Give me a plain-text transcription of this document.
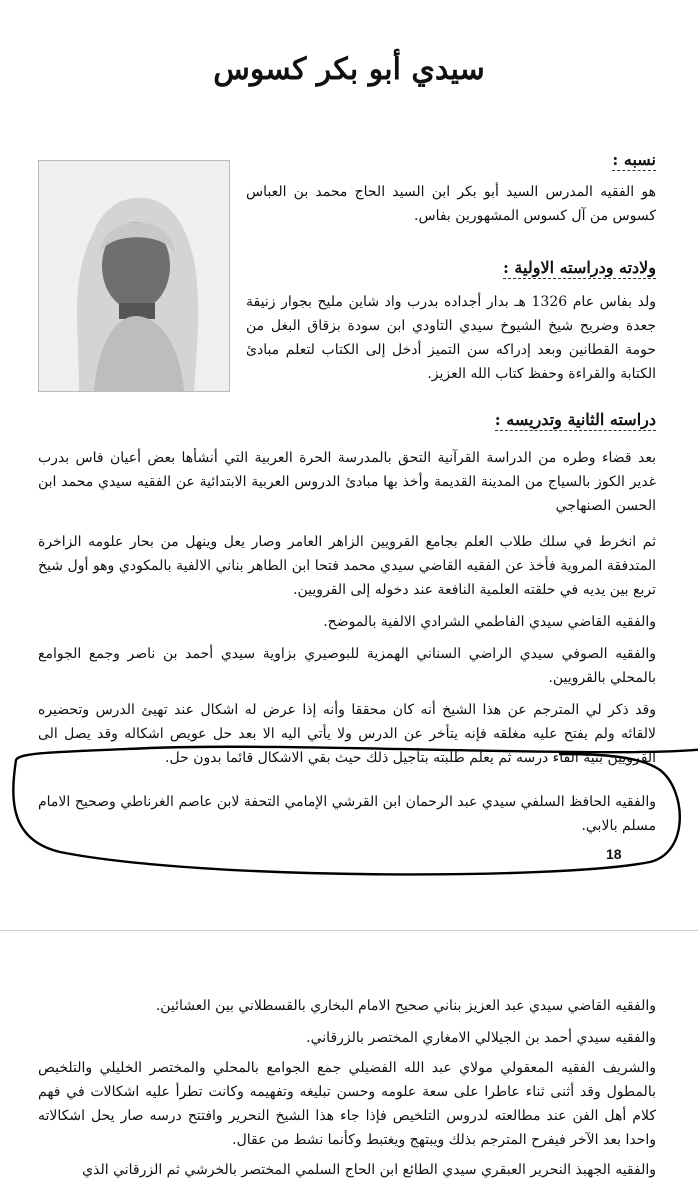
سيدي أبو بكر كسوس
نسبه :
هو الفقيه المدرس السيد أبو بكر ابن السيد الحاج محمد بن العباس كسوس من آل كسوس المشهورين بفاس.
ولادته ودراسته الاولية :
ولد بفاس عام 1326 هـ بدار أجداده بدرب واد شاين مليح بجوار زنيقة جعدة وضريح شيخ الشيوخ سيدي التاودي ابن سودة بزقاق البغل من حومة القطانين وبعد إدراكه سن التميز أدخل إلى الكتاب لتعلم مبادئ الكتابة والقراءة وحفظ كتاب الله العزيز.
دراسته الثانية وتدريسه :
بعد قضاء وطره من الدراسة القرآنية التحق بالمدرسة الحرة العربية التي أنشأها بعض أعيان فاس بدرب غدير الكوز بالسياج من المدينة القديمة وأخذ بها مبادئ الدروس العربية الابتدائية عن الفقيه سيدي محمد ابن الحسن الصنهاجي
ثم انخرط في سلك طلاب العلم بجامع القرويين الزاهر العامر وصار يعل وينهل من بحار علومه الزاخرة المتدفقة المروية فأخذ عن الفقيه القاضي سيدي محمد فتحا ابن الطاهر بناني الالفية بالمكودي وهو أول شيخ تربع بين يديه في حلقته العلمية النافعة عند دخوله إلى القرويين.
والفقيه القاضي سيدي الفاطمي الشرادي الالفية بالموضح.
والفقيه الصوفي سيدي الراضي السناني الهمزية للبوصيري بزاوية سيدي أحمد بن ناصر وجمع الجوامع بالمحلي بالقرويين.
وقد ذكر لي المترجم عن هذا الشيخ أنه كان محققا وأنه إذا عرض له اشكال عند تهيئ الدرس وتحضيره لالقائه ولم يفتح عليه مغلقه فإنه يتأخر عن الدرس ولا يأتي اليه الا بعد حل عويص اشكاله وقد يصل الى القرويين بنية القاء درسه ثم يعلم طلبته بتأجيل ذلك حيث بقي الاشكال قائما بدون حل.
والفقيه الحافظ السلفي سيدي عبد الرحمان ابن القرشي الإمامي التحفة لابن عاصم الغرناطي وصحيح الامام مسلم بالابي.
18
والفقيه القاضي سيدي عبد العزيز بناني صحيح الامام البخاري بالقسطلاني بين العشائين.
والفقيه سيدي أحمد بن الجيلالي الامغاري المختصر بالزرقاني.
والشريف الفقيه المعقولي مولاي عبد الله الفضيلي جمع الجوامع بالمحلي والمختصر الخليلي والتلخيص بالمطول وقد أثنى ثناء عاطرا على سعة علومه وحسن تبليغه وتفهيمه وكانت تطرأ عليه اشكالات في فهم كلام أهل الفن عند مطالعته لدروس التلخيص فإذا جاء هذا الشيخ النحرير وافتتح درسه صار يحل اشكالاته واحدا بعد الآخر فيفرح المترجم بذلك ويبتهج ويغتبط وكأنما نشط من عقال.
والفقيه الجهبذ النحرير العبقري سيدي الطائع ابن الحاج السلمي المختصر بالخرشي ثم الزرقاني الذي
